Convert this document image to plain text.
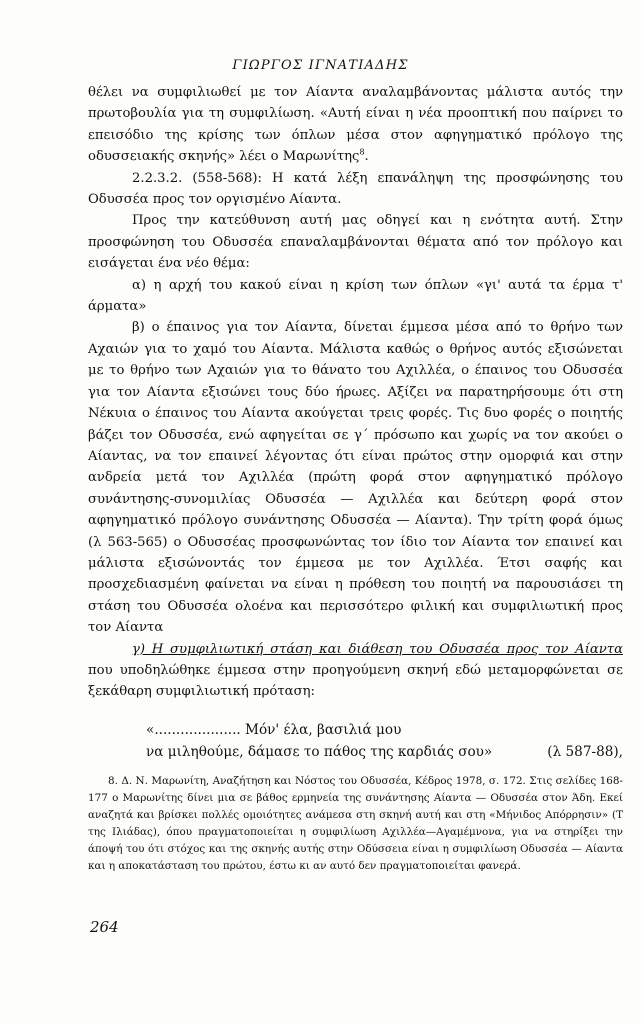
ΓΙΩΡΓΟΣ ΙΓΝΑΤΙΑΔΗΣ

θέλει να συμφιλιωθεί με τον Αίαντα αναλαμβάνοντας μάλιστα αυτός την πρωτοβουλία για τη συμφιλίωση. «Αυτή είναι η νέα προοπτική που παίρνει το επεισόδιο της κρίσης των όπλων μέσα στον αφηγηματικό πρόλογο της οδυσσειακής σκηνής» λέει ο Μαρωνίτης$^8$.

2.2.3.2. (558-568): Η κατά λέξη επανάληψη της προσφώνησης του Οδυσσέα προς τον οργισμένο Αίαντα.

Προς την κατεύθυνση αυτή μας οδηγεί και η ενότητα αυτή. Στην προσφώνηση του Οδυσσέα επαναλαμβάνονται θέματα από τον πρόλογο και εισάγεται ένα νέο θέμα:

α) η αρχή του κακού είναι η κρίση των όπλων «γι' αυτά τα έρμα τ' άρματα»

β) ο έπαινος για τον Αίαντα, δίνεται έμμεσα μέσα από το θρήνο των Αχαιών για το χαμό του Αίαντα. Μάλιστα καθώς ο θρήνος αυτός εξισώνεται με το θρήνο των Αχαιών για το θάνατο του Αχιλλέα, ο έπαινος του Οδυσσέα για τον Αίαντα εξισώνει τους δύο ήρωες. Αξίζει να παρατηρήσουμε ότι στη Νέκυια ο έπαινος του Αίαντα ακούγεται τρεις φορές. Τις δυο φορές ο ποιητής βάζει τον Οδυσσέα, ενώ αφηγείται σε γ΄ πρόσωπο και χωρίς να τον ακούει ο Αίαντας, να τον επαινεί λέγοντας ότι είναι πρώτος στην ομορφιά και στην ανδρεία μετά τον Αχιλλέα (πρώτη φορά στον αφηγηματικό πρόλογο συνάντησης-συνομιλίας Οδυσσέα — Αχιλλέα και δεύτερη φορά στον αφηγηματικό πρόλογο συνάντησης Οδυσσέα — Αίαντα). Την τρίτη φορά όμως (λ 563-565) ο Οδυσσέας προσφωνώντας τον ίδιο τον Αίαντα τον επαινεί και μάλιστα εξισώνοντάς τον έμμεσα με τον Αχιλλέα. Έτσι σαφής και προσχεδιασμένη φαίνεται να είναι η πρόθεση του ποιητή να παρουσιάσει τη στάση του Οδυσσέα ολοένα και περισσότερο φιλική και συμφιλιωτική προς τον Αίαντα

γ) Η συμφιλιωτική στάση και διάθεση του Οδυσσέα προς τον Αίαντα που υποδηλώθηκε έμμεσα στην προηγούμενη σκηνή εδώ μεταμορφώνεται σε ξεκάθαρη συμφιλιωτική πρόταση:

«.................... Μόν' έλα, βασιλιά μου
να μιληθούμε, δάμασε το πάθος της καρδιάς σου»	(λ 587-88),

8. Δ. Ν. Μαρωνίτη, Αναζήτηση και Νόστος του Οδυσσέα, Κέδρος 1978, σ. 172. Στις σελίδες 168-177 ο Μαρωνίτης δίνει μια σε βάθος ερμηνεία της συνάντησης Αίαντα — Οδυσσέα στον Άδη. Εκεί αναζητά και βρίσκει πολλές ομοιότητες ανάμεσα στη σκηνή αυτή και στη «Μήνιδος Απόρρησιν» (Τ της Ιλιάδας), όπου πραγματοποιείται η συμφιλίωση Αχιλλέα—Αγαμέμνονα, για να στηρίξει την άποψή του ότι στόχος και της σκηνής αυτής στην Οδύσσεια είναι η συμφιλίωση Οδυσσέα — Αίαντα και η αποκατάσταση του πρώτου, έστω κι αν αυτό δεν πραγματοποιείται φανερά.

264
